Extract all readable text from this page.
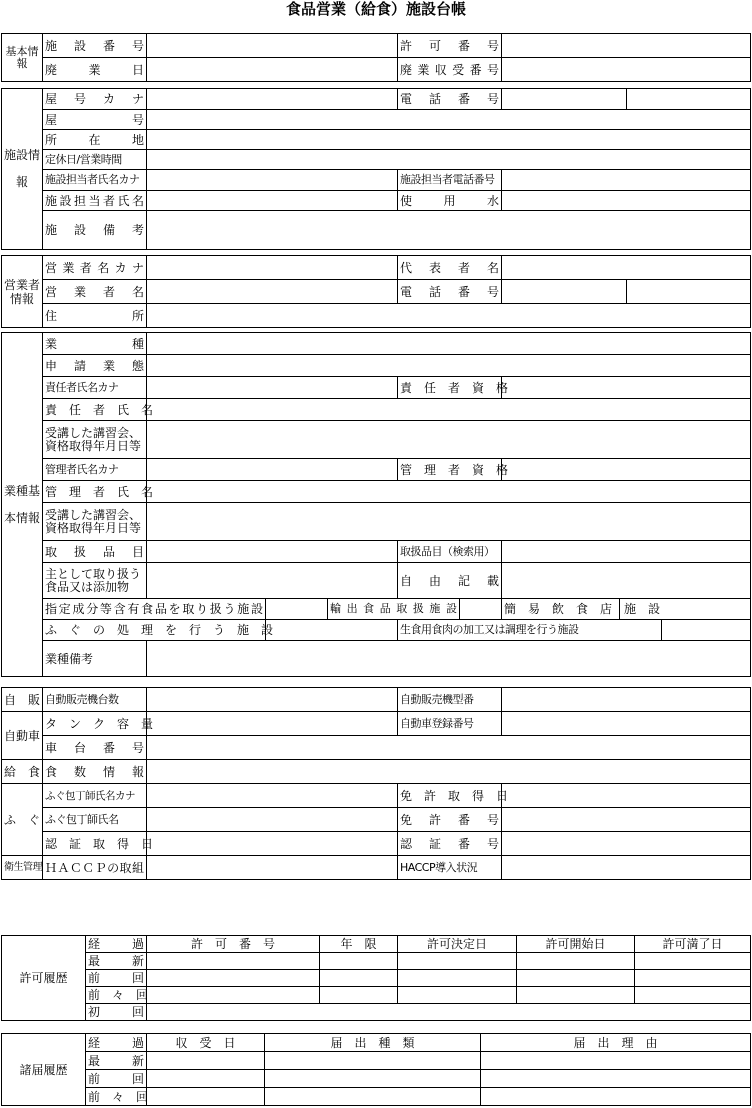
食品営業（給食）施設台帳
基本情報	施　設　番　号		許　可　番　号	
	廃　　業　　日		廃業収受番号	
施設情報	屋　号　カ　ナ		電　話　番　号		
	屋　　　　　号				
	所　　在　　地				
	定休日/営業時間				
	施設担当者氏名カナ		施設担当者電話番号		
	施設担当者氏名		使　　用　　水		
	施　設　備　考				
営業者情報	営業者名カナ		代　表　者　名		
	営　業　者　名		電　話　番　号		
	住　　　　　所				
業種基本情報	業　　　　　種								
	申　請　業　態								
	責任者氏名カナ				責　任　者　資　格				
	責　任　者　氏　名								
	受講した講習会、資格取得年月日等								
	管理者氏名カナ				管　理　者　資　格				
	管　理　者　氏　名								
	受講した講習会、資格取得年月日等								
	取　扱　品　目				取扱品目（検索用）				
	主として取り扱う食品又は添加物				自　由　記　載				
	指定成分等含有食品を取り扱う施設			輸出食品取扱施設			簡　易　飲　食　店　施　設		
	ふ　ぐ　の　処　理　を　行　う　施　設				生食用食肉の加工又は調理を行う施設				
	業種備考								
自　販	自動販売機台数		自動販売機型番	
自動車	タ　ン　ク　容　量		自動車登録番号	
	車　台　番　号			
給　食	食　数　情　報			
ふ　ぐ	ふぐ包丁師氏名カナ		免　許　取　得　日	
	ふぐ包丁師氏名		免　許　番　号	
	認　証　取　得　日		認　証　番　号	
衛生管理	ＨＡＣＣＰの取組		HACCP導入状況	
許可履歴	経　　過	許　可　番　号	年　限	許可決定日	許可開始日	許可満了日
	最　　新					
	前　　回					
	前　々　回					
	初　　回					
諸届履歴	経　　過	収　受　日	届　出　種　類	届　出　理　由
	最　　新			
	前　　回			
	前　々　回			
